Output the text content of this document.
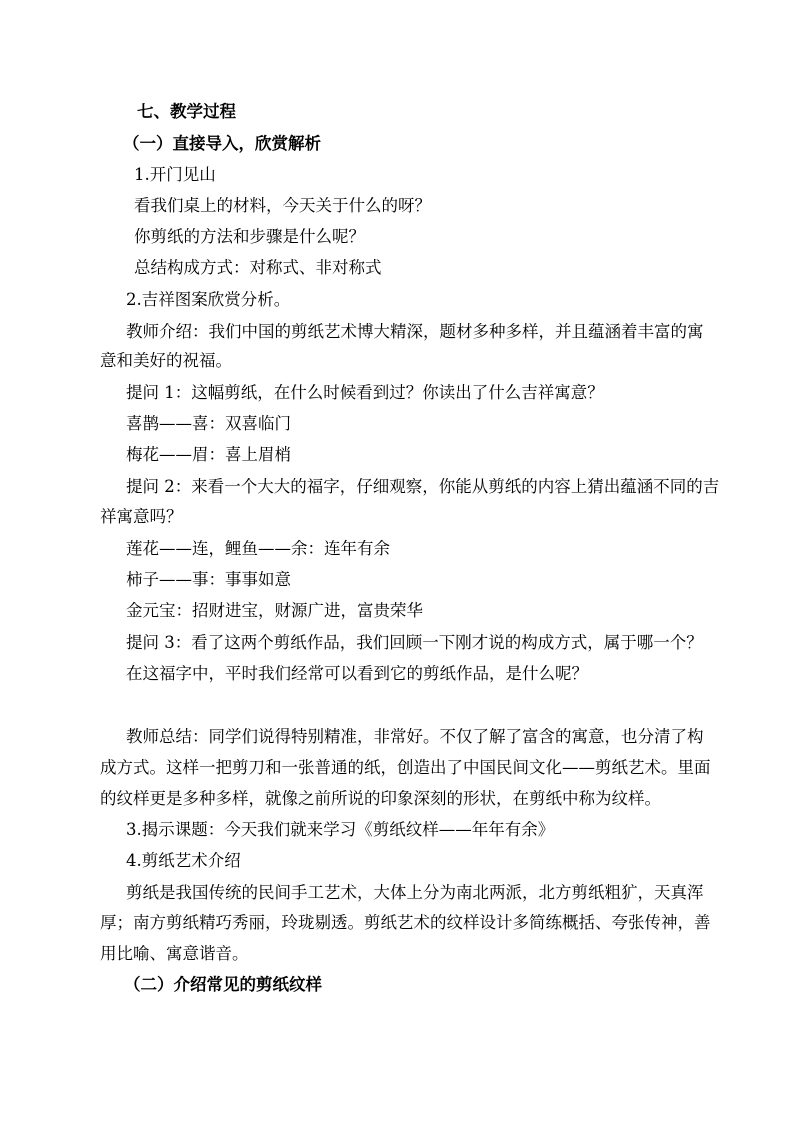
七、教学过程
（一）直接导入，欣赏解析
1.开门见山
看我们桌上的材料，今天关于什么的呀？
你剪纸的方法和步骤是什么呢？
总结构成方式：对称式、非对称式
2.吉祥图案欣赏分析。
教师介绍：我们中国的剪纸艺术博大精深，题材多种多样，并且蕴涵着丰富的寓
意和美好的祝福。
提问 1：这幅剪纸，在什么时候看到过？你读出了什么吉祥寓意？
喜鹊——喜：双喜临门
梅花——眉：喜上眉梢
提问 2：来看一个大大的福字，仔细观察，你能从剪纸的内容上猜出蕴涵不同的吉
祥寓意吗？
莲花——连，鲤鱼——余：连年有余
柿子——事：事事如意
金元宝：招财进宝，财源广进，富贵荣华
提问 3：看了这两个剪纸作品，我们回顾一下刚才说的构成方式，属于哪一个？
在这福字中，平时我们经常可以看到它的剪纸作品，是什么呢？
教师总结：同学们说得特别精准，非常好。不仅了解了富含的寓意，也分清了构
成方式。这样一把剪刀和一张普通的纸，创造出了中国民间文化——剪纸艺术。里面
的纹样更是多种多样，就像之前所说的印象深刻的形状，在剪纸中称为纹样。
3.揭示课题：今天我们就来学习《剪纸纹样——年年有余》
4.剪纸艺术介绍
剪纸是我国传统的民间手工艺术，大体上分为南北两派，北方剪纸粗犷，天真浑
厚；南方剪纸精巧秀丽，玲珑剔透。剪纸艺术的纹样设计多简练概括、夸张传神，善
用比喻、寓意谐音。
（二）介绍常见的剪纸纹样
